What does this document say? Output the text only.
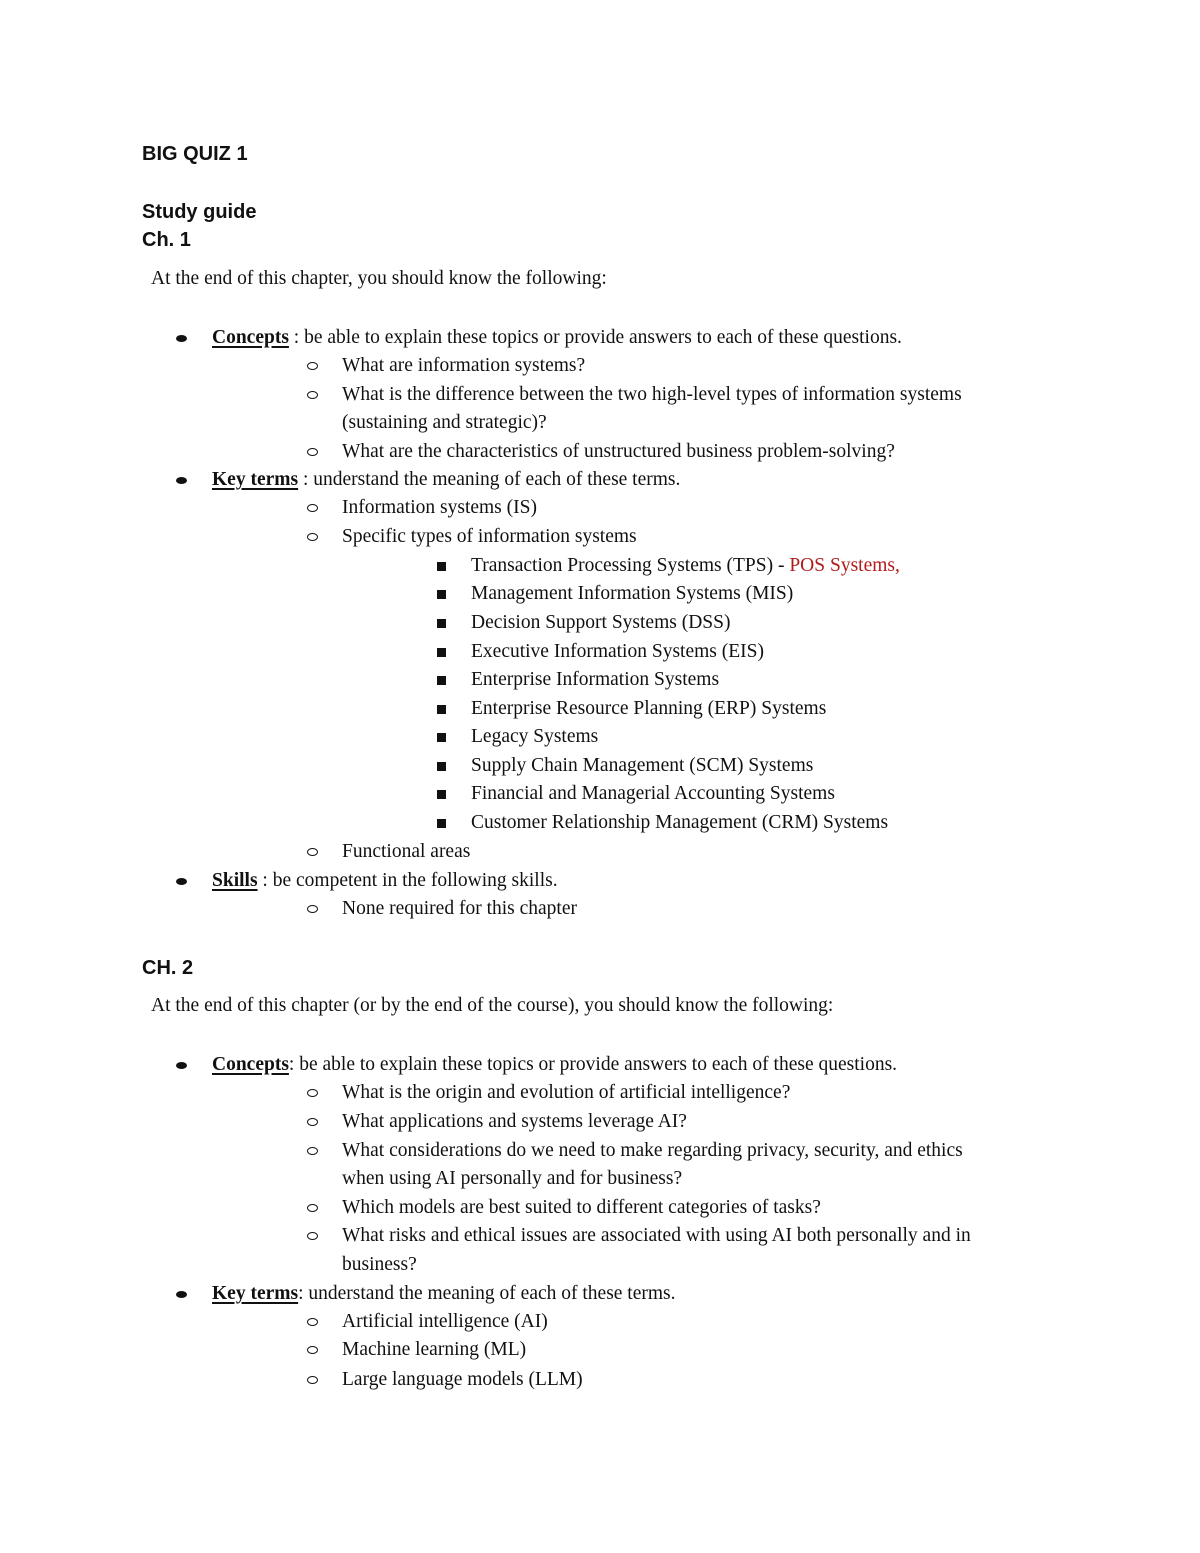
BIG QUIZ 1
Study guide
Ch. 1
At the end of this chapter, you should know the following:
Concepts : be able to explain these topics or provide answers to each of these questions.
What are information systems?
What is the difference between the two high-level types of information systems
(sustaining and strategic)?
What are the characteristics of unstructured business problem-solving?
Key terms : understand the meaning of each of these terms.
Information systems (IS)
Specific types of information systems
Transaction Processing Systems (TPS) - POS Systems,
Management Information Systems (MIS)
Decision Support Systems (DSS)
Executive Information Systems (EIS)
Enterprise Information Systems
Enterprise Resource Planning (ERP) Systems
Legacy Systems
Supply Chain Management (SCM) Systems
Financial and Managerial Accounting Systems
Customer Relationship Management (CRM) Systems
Functional areas
Skills : be competent in the following skills.
None required for this chapter
CH. 2
At the end of this chapter (or by the end of the course), you should know the following:
Concepts: be able to explain these topics or provide answers to each of these questions.
What is the origin and evolution of artificial intelligence?
What applications and systems leverage AI?
What considerations do we need to make regarding privacy, security, and ethics
when using AI personally and for business?
Which models are best suited to different categories of tasks?
What risks and ethical issues are associated with using AI both personally and in
business?
Key terms: understand the meaning of each of these terms.
Artificial intelligence (AI)
Machine learning (ML)
Large language models (LLM)
